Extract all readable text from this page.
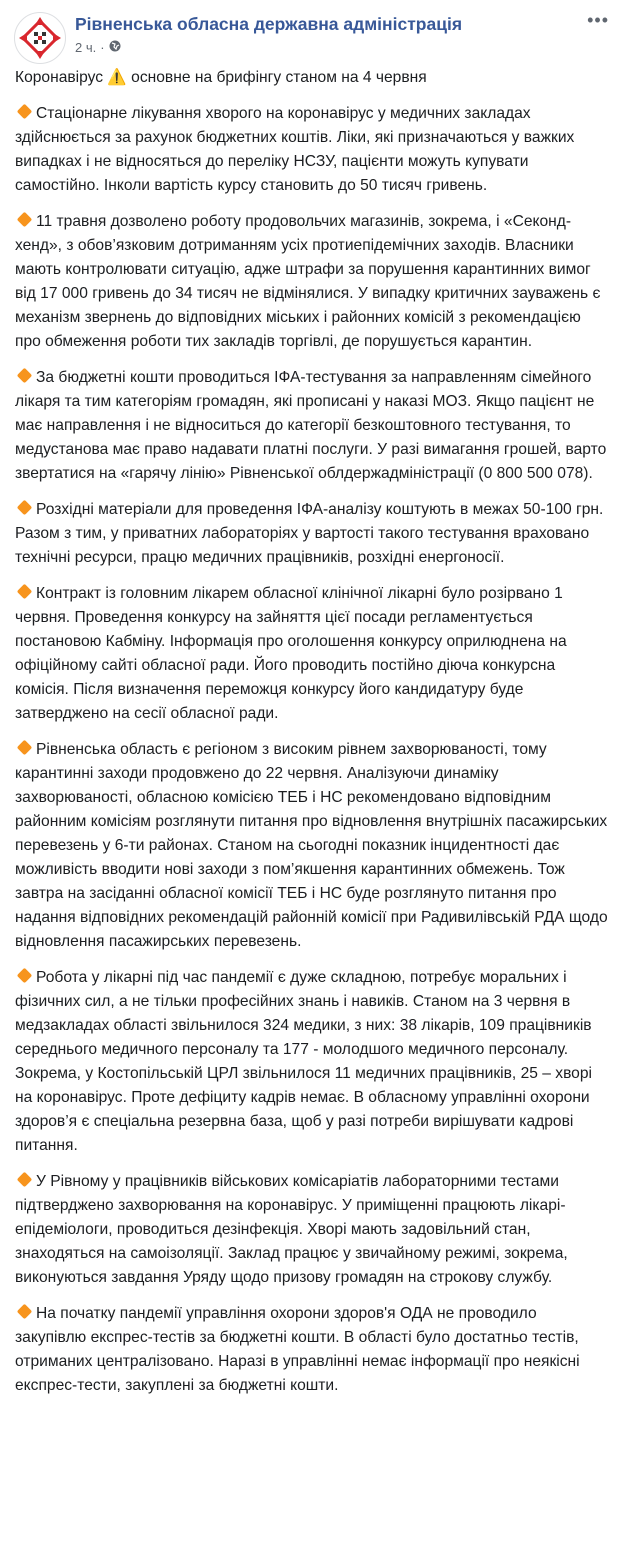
Рівненська обласна державна адміністрація
2 ч. ·
•••

Коронавірус ⚠️ основне на брифінгу станом на 4 червня

Стаціонарне лікування хворого на коронавірус у медичних закладах здійснюється за рахунок бюджетних коштів. Ліки, які призначаються у важких випадках і не відносяться до переліку НСЗУ, пацієнти можуть купувати самостійно. Інколи вартість курсу становить до 50 тисяч гривень.

11 травня дозволено роботу продовольчих магазинів, зокрема, і «Секонд-хенд», з обов’язковим дотриманням усіх протиепідемічних заходів. Власники мають контролювати ситуацію, адже штрафи за порушення карантинних вимог від 17 000 гривень до 34 тисяч не відмінялися. У випадку критичних зауважень є механізм звернень до відповідних міських і районних комісій з рекомендацією про обмеження роботи тих закладів торгівлі, де порушується карантин.

За бюджетні кошти проводиться ІФА-тестування за направленням сімейного лікаря та тим категоріям громадян, які прописані у наказі МОЗ. Якщо пацієнт не має направлення і не відноситься до категорії безкоштовного тестування, то медустанова має право надавати платні послуги. У разі вимагання грошей, варто звертатися на «гарячу лінію» Рівненської облдержадміністрації (0 800 500 078).

Розхідні матеріали для проведення ІФА-аналізу коштують в межах 50-100 грн. Разом з тим, у приватних лабораторіях у вартості такого тестування враховано технічні ресурси, працю медичних працівників, розхідні енергоносії.

Контракт із головним лікарем обласної клінічної лікарні було розірвано 1 червня. Проведення конкурсу на зайняття цієї посади регламентується постановою Кабміну. Інформація про оголошення конкурсу оприлюднена на офіційному сайті обласної ради. Його проводить постійно діюча конкурсна комісія. Після визначення переможця конкурсу його кандидатуру буде затверджено на сесії обласної ради.

Рівненська область є регіоном з високим рівнем захворюваності, тому карантинні заходи продовжено до 22 червня. Аналізуючи динаміку захворюваності, обласною комісією ТЕБ і НС рекомендовано відповідним районним комісіям розглянути питання про відновлення внутрішніх пасажирських перевезень у 6-ти районах. Станом на сьогодні показник інцидентності дає можливість вводити нові заходи з пом’якшення карантинних обмежень. Тож завтра на засіданні обласної комісії ТЕБ і НС буде розглянуто питання про надання відповідних рекомендацій районній комісії при Радивилівській РДА щодо відновлення пасажирських перевезень.

Робота у лікарні під час пандемії є дуже складною, потребує моральних і фізичних сил, а не тільки професійних знань і навиків. Станом на 3 червня в медзакладах області звільнилося 324 медики, з них: 38 лікарів, 109 працівників середнього медичного персоналу та 177 - молодшого медичного персоналу. Зокрема, у Костопільській ЦРЛ звільнилося 11 медичних працівників, 25 – хворі на коронавірус. Проте дефіциту кадрів немає. В обласному управлінні охорони здоров’я є спеціальна резервна база, щоб у разі потреби вирішувати кадрові питання.

У Рівному у працівників військових комісаріатів лабораторними тестами підтверджено захворювання на коронавірус. У приміщенні працюють лікарі-епідеміологи, проводиться дезінфекція. Хворі мають задовільний стан, знаходяться на самоізоляції. Заклад працює у звичайному режимі, зокрема, виконуються завдання Уряду щодо призову громадян на строкову службу.

На початку пандемії управління охорони здоров'я ОДА не проводило закупівлю експрес-тестів за бюджетні кошти. В області було достатньо тестів, отриманих централізовано. Наразі в управлінні немає інформації про неякісні експрес-тести, закуплені за бюджетні кошти.
